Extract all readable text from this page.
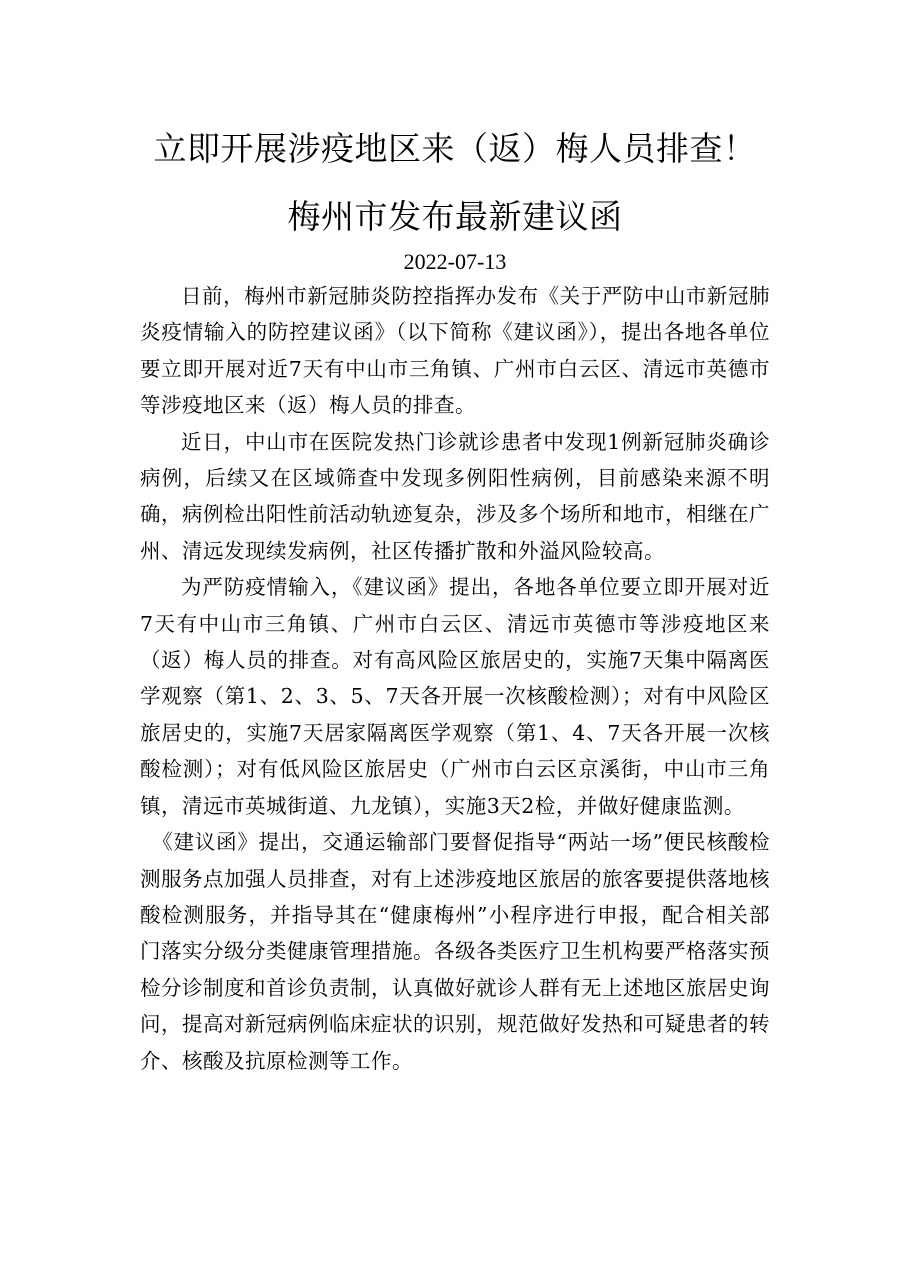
立即开展涉疫地区来（返）梅人员排查！
梅州市发布最新建议函
2022-07-13

日前，梅州市新冠肺炎防控指挥办发布《关于严防中山市新冠肺炎疫情输入的防控建议函》（以下简称《建议函》），提出各地各单位要立即开展对近7天有中山市三角镇、广州市白云区、清远市英德市等涉疫地区来（返）梅人员的排查。

近日，中山市在医院发热门诊就诊患者中发现1例新冠肺炎确诊病例，后续又在区域筛查中发现多例阳性病例，目前感染来源不明确，病例检出阳性前活动轨迹复杂，涉及多个场所和地市，相继在广州、清远发现续发病例，社区传播扩散和外溢风险较高。

为严防疫情输入，《建议函》提出，各地各单位要立即开展对近7天有中山市三角镇、广州市白云区、清远市英德市等涉疫地区来（返）梅人员的排查。对有高风险区旅居史的，实施7天集中隔离医学观察（第1、2、3、5、7天各开展一次核酸检测）；对有中风险区旅居史的，实施7天居家隔离医学观察（第1、4、7天各开展一次核酸检测）；对有低风险区旅居史（广州市白云区京溪街，中山市三角镇，清远市英城街道、九龙镇），实施3天2检，并做好健康监测。

《建议函》提出，交通运输部门要督促指导“两站一场”便民核酸检测服务点加强人员排查，对有上述涉疫地区旅居的旅客要提供落地核酸检测服务，并指导其在“健康梅州”小程序进行申报，配合相关部门落实分级分类健康管理措施。各级各类医疗卫生机构要严格落实预检分诊制度和首诊负责制，认真做好就诊人群有无上述地区旅居史询问，提高对新冠病例临床症状的识别，规范做好发热和可疑患者的转介、核酸及抗原检测等工作。
